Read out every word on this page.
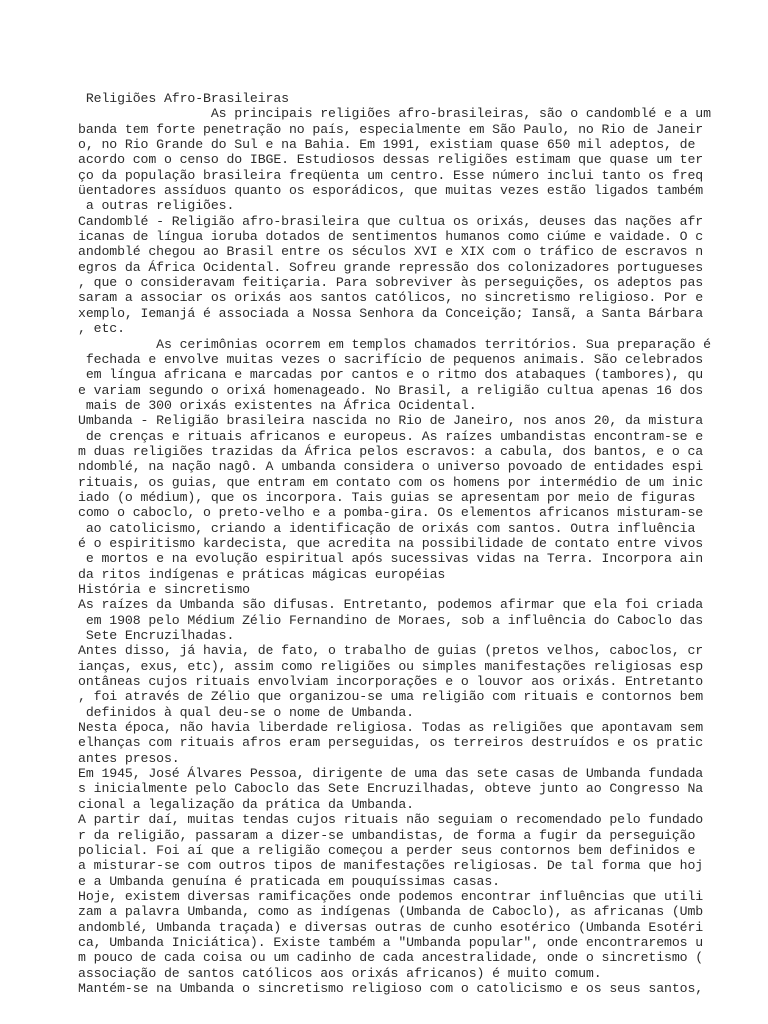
Religiões Afro-Brasileiras
As principais religiões afro-brasileiras, são o candomblé e a um
banda tem forte penetração no país, especialmente em São Paulo, no Rio de Janeir
o, no Rio Grande do Sul e na Bahia. Em 1991, existiam quase 650 mil adeptos, de
acordo com o censo do IBGE. Estudiosos dessas religiões estimam que quase um ter
ço da população brasileira freqüenta um centro. Esse número inclui tanto os freq
üentadores assíduos quanto os esporádicos, que muitas vezes estão ligados também
a outras religiões.
Candomblé - Religião afro-brasileira que cultua os orixás, deuses das nações afr
icanas de língua ioruba dotados de sentimentos humanos como ciúme e vaidade. O c
andomblé chegou ao Brasil entre os séculos XVI e XIX com o tráfico de escravos n
egros da África Ocidental. Sofreu grande repressão dos colonizadores portugueses
, que o consideravam feitiçaria. Para sobreviver às perseguições, os adeptos pas
saram a associar os orixás aos santos católicos, no sincretismo religioso. Por e
xemplo, Iemanjá é associada a Nossa Senhora da Conceição; Iansã, a Santa Bárbara
, etc.
As cerimônias ocorrem em templos chamados territórios. Sua preparação é
fechada e envolve muitas vezes o sacrifício de pequenos animais. São celebrados
em língua africana e marcadas por cantos e o ritmo dos atabaques (tambores), qu
e variam segundo o orixá homenageado. No Brasil, a religião cultua apenas 16 dos
mais de 300 orixás existentes na África Ocidental.
Umbanda - Religião brasileira nascida no Rio de Janeiro, nos anos 20, da mistura
de crenças e rituais africanos e europeus. As raízes umbandistas encontram-se e
m duas religiões trazidas da África pelos escravos: a cabula, dos bantos, e o ca
ndomblé, na nação nagô. A umbanda considera o universo povoado de entidades espi
rituais, os guias, que entram em contato com os homens por intermédio de um inic
iado (o médium), que os incorpora. Tais guias se apresentam por meio de figuras
como o caboclo, o preto-velho e a pomba-gira. Os elementos africanos misturam-se
ao catolicismo, criando a identificação de orixás com santos. Outra influência
é o espiritismo kardecista, que acredita na possibilidade de contato entre vivos
e mortos e na evolução espiritual após sucessivas vidas na Terra. Incorpora ain
da ritos indígenas e práticas mágicas européias
História e sincretismo
As raízes da Umbanda são difusas. Entretanto, podemos afirmar que ela foi criada
em 1908 pelo Médium Zélio Fernandino de Moraes, sob a influência do Caboclo das
Sete Encruzilhadas.
Antes disso, já havia, de fato, o trabalho de guias (pretos velhos, caboclos, cr
ianças, exus, etc), assim como religiões ou simples manifestações religiosas esp
ontâneas cujos rituais envolviam incorporações e o louvor aos orixás. Entretanto
, foi através de Zélio que organizou-se uma religião com rituais e contornos bem
definidos à qual deu-se o nome de Umbanda.
Nesta época, não havia liberdade religiosa. Todas as religiões que apontavam sem
elhanças com rituais afros eram perseguidas, os terreiros destruídos e os pratic
antes presos.
Em 1945, José Álvares Pessoa, dirigente de uma das sete casas de Umbanda fundada
s inicialmente pelo Caboclo das Sete Encruzilhadas, obteve junto ao Congresso Na
cional a legalização da prática da Umbanda.
A partir daí, muitas tendas cujos rituais não seguiam o recomendado pelo fundado
r da religião, passaram a dizer-se umbandistas, de forma a fugir da perseguição
policial. Foi aí que a religião começou a perder seus contornos bem definidos e
a misturar-se com outros tipos de manifestações religiosas. De tal forma que hoj
e a Umbanda genuína é praticada em pouquíssimas casas.
Hoje, existem diversas ramificações onde podemos encontrar influências que utili
zam a palavra Umbanda, como as indígenas (Umbanda de Caboclo), as africanas (Umb
andomblé, Umbanda traçada) e diversas outras de cunho esotérico (Umbanda Esotéri
ca, Umbanda Iniciática). Existe também a "Umbanda popular", onde encontraremos u
m pouco de cada coisa ou um cadinho de cada ancestralidade, onde o sincretismo (
associação de santos católicos aos orixás africanos) é muito comum.
Mantém-se na Umbanda o sincretismo religioso com o catolicismo e os seus santos,
